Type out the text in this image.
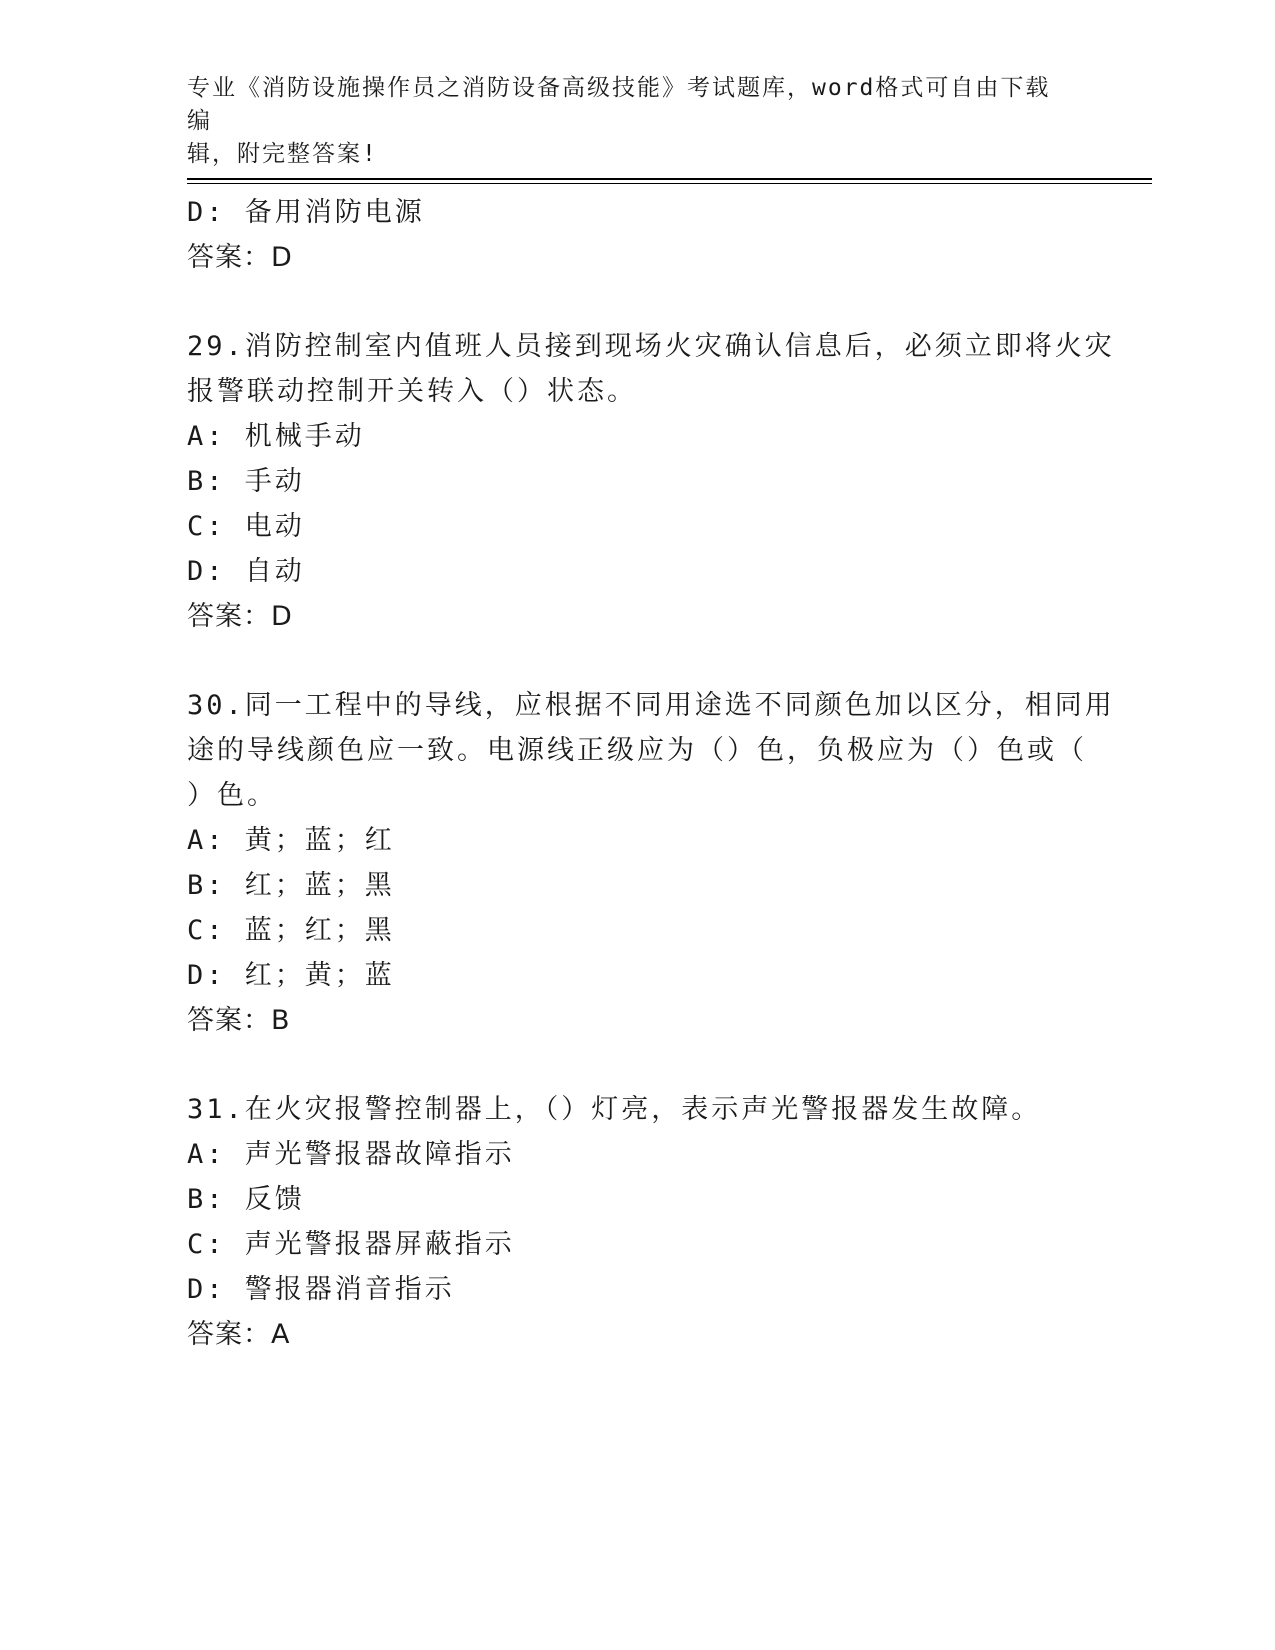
专业《消防设施操作员之消防设备高级技能》考试题库，word格式可自由下载编
辑，附完整答案!
D: 备用消防电源
答案：D
29.消防控制室内值班人员接到现场火灾确认信息后，必须立即将火灾
报警联动控制开关转入（）状态。
A: 机械手动
B: 手动
C: 电动
D: 自动
答案：D
30.同一工程中的导线，应根据不同用途选不同颜色加以区分，相同用
途的导线颜色应一致。电源线正级应为（）色，负极应为（）色或（
）色。
A: 黄；蓝；红
B: 红；蓝；黑
C: 蓝；红；黑
D: 红；黄；蓝
答案：B
31.在火灾报警控制器上，（）灯亮，表示声光警报器发生故障。
A: 声光警报器故障指示
B: 反馈
C: 声光警报器屏蔽指示
D: 警报器消音指示
答案：A
